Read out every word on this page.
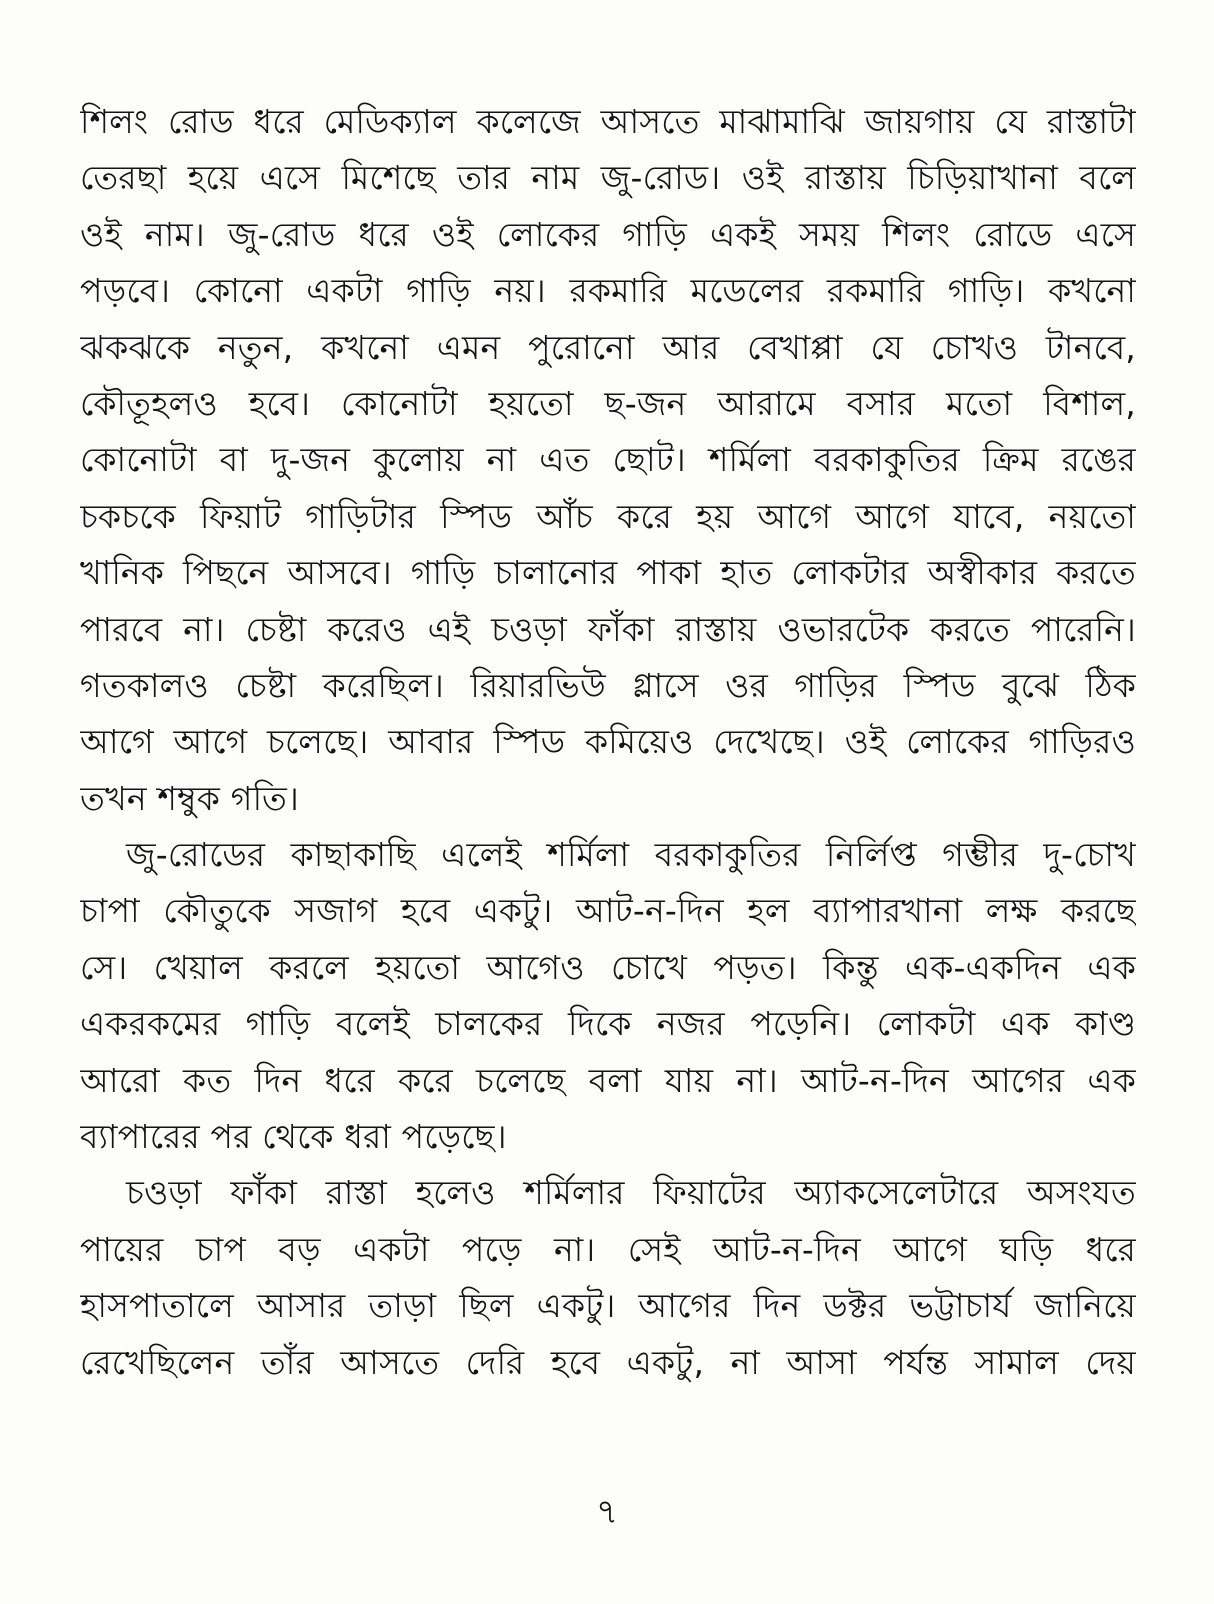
শিলং রোড ধরে মেডিক্যাল কলেজে আসতে মাঝামাঝি জায়গায় যে রাস্তাটা
তেরছা হয়ে এসে মিশেছে তার নাম জু-রোড। ওই রাস্তায় চিড়িয়াখানা বলে
ওই নাম। জু-রোড ধরে ওই লোকের গাড়ি একই সময় শিলং রোডে এসে
পড়বে। কোনো একটা গাড়ি নয়। রকমারি মডেলের রকমারি গাড়ি। কখনো
ঝকঝকে নতুন, কখনো এমন পুরোনো আর বেখাপ্পা যে চোখও টানবে,
কৌতূহলও হবে। কোনোটা হয়তো ছ-জন আরামে বসার মতো বিশাল,
কোনোটা বা দু-জন কুলোয় না এত ছোট। শর্মিলা বরকাকুতির ক্রিম রঙের
চকচকে ফিয়াট গাড়িটার স্পিড আঁচ করে হয় আগে আগে যাবে, নয়তো
খানিক পিছনে আসবে। গাড়ি চালানোর পাকা হাত লোকটার অস্বীকার করতে
পারবে না। চেষ্টা করেও এই চওড়া ফাঁকা রাস্তায় ওভারটেক করতে পারেনি।
গতকালও চেষ্টা করেছিল। রিয়ারভিউ গ্লাসে ওর গাড়ির স্পিড বুঝে ঠিক
আগে আগে চলেছে। আবার স্পিড কমিয়েও দেখেছে। ওই লোকের গাড়িরও
তখন শম্বুক গতি।
জু-রোডের কাছাকাছি এলেই শর্মিলা বরকাকুতির নির্লিপ্ত গম্ভীর দু-চোখ
চাপা কৌতুকে সজাগ হবে একটু। আট-ন-দিন হল ব্যাপারখানা লক্ষ করছে
সে। খেয়াল করলে হয়তো আগেও চোখে পড়ত। কিন্তু এক-একদিন এক
একরকমের গাড়ি বলেই চালকের দিকে নজর পড়েনি। লোকটা এক কাণ্ড
আরো কত দিন ধরে করে চলেছে বলা যায় না। আট-ন-দিন আগের এক
ব্যাপারের পর থেকে ধরা পড়েছে।
চওড়া ফাঁকা রাস্তা হলেও শর্মিলার ফিয়াটের অ্যাকসেলেটারে অসংযত
পায়ের চাপ বড় একটা পড়ে না। সেই আট-ন-দিন আগে ঘড়ি ধরে
হাসপাতালে আসার তাড়া ছিল একটু। আগের দিন ডক্টর ভট্টাচার্য জানিয়ে
রেখেছিলেন তাঁর আসতে দেরি হবে একটু, না আসা পর্যন্ত সামাল দেয়
৭
